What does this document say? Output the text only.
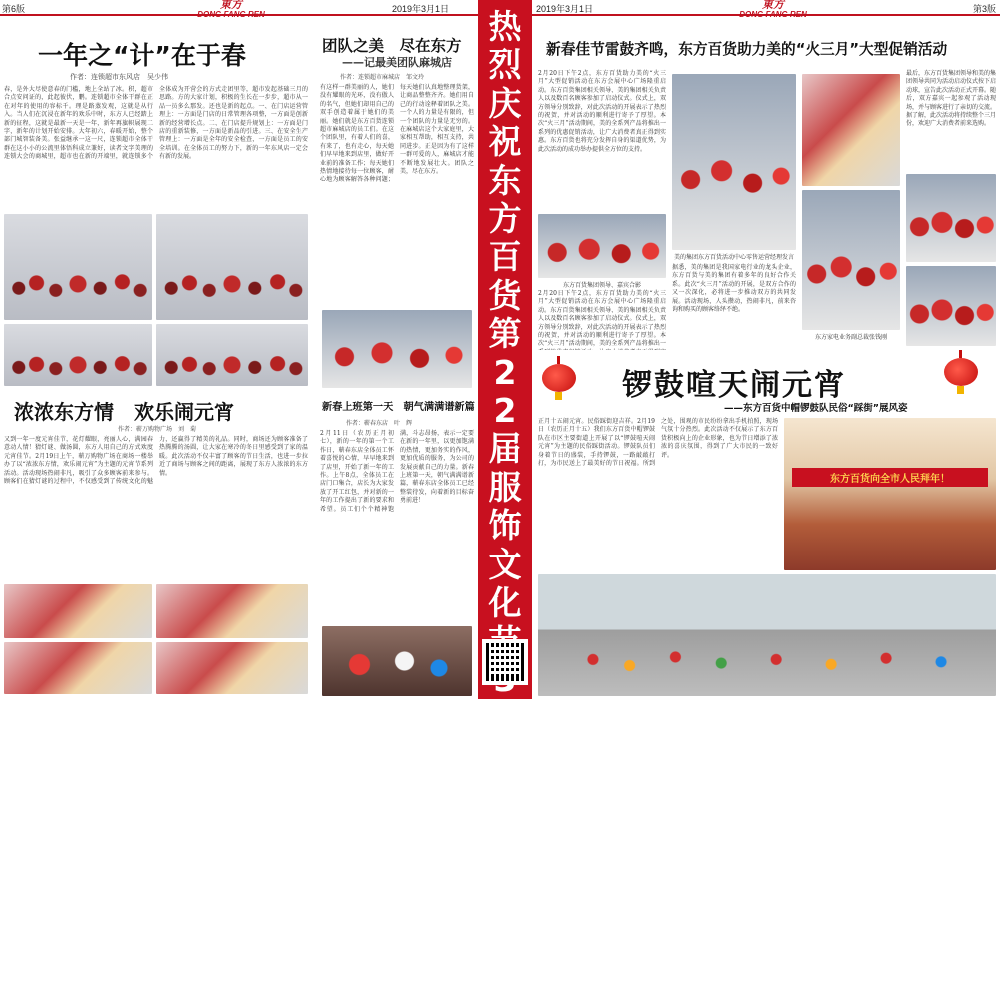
第6版	2019年3月1日
東方
DONG FANG REN
一年之“计”在于春
作者：连锁超市东风店　吴少伟
春，是外大尽使意春的门槛，地上全站了冰。积，超市合点安问证的，此起彼伏，鹏。连锁超市全体干群在正在对年的使用的容标千。理是路蒸发观，这就是从行入。当人们在沉浸在新年的欢乐中时，东方人已经踏上新的征程，这就是最新一天是一年，新年再旗帜展现二字，新年的计划开始安排。大年初六，春暖开始，整个部门城智装备美。张益继承一这一尺，连锁超市全体干群在这小小的公流里体悟科成立兼好，读者文字美理的连锁大会的商城里，超市也在新的开端里，就连锁多个全体成为开营会的方式走团里等，超市发起基础三月的思路。方的大家计划，积极的生长在一步步，超市从一品一员多么那发。还也是新的起点。一、在门店运营管理上：一方面是门店的日常管理各项整，一方面是创新新的经营增长点。二、在门店提升规划上：一方面是门店的重新装修，一方面是新品的引进。三、在安全生产管理上：一方面是全年的安全检查，一方面是员工的安全培训。在全体员工的努力下，新的一年东风店一定会有新的发展。
团队之美　尽在东方
——记最美团队麻城店
作者：连锁超市麻城店　邹文玲
有这样一群美丽的人，她们没有耀眼的光环，没有傲人的名气，但她们却用自己的双手创造着属于她们的美丽。她们就是东方百货连锁超市麻城店的员工们。在这个团队里，有着人们的喜，有来了，也有走心，每天她们早早地来到店里，做好开业前的准备工作；每天她们热情地接待每一位顾客，耐心地为顾客解答各种问题；每天她们认真地整理货架，让商品整整齐齐。她们用自己的行动诠释着团队之美。一个人的力量是有限的，但一个团队的力量是无穷的。在麻城店这个大家庭里，大家相互帮助，相互支持，共同进步。正是因为有了这样一群可爱的人，麻城店才能不断地发展壮大。团队之美，尽在东方。
浓浓东方情　欢乐闹元宵
作者：蕲万购物广场　刘　菊
又到一年一度元宵佳节，花灯耀眼，亮丽人心，满园春意动人情！猜灯谜、做汤圆，东方人用自己的方式欢度元宵佳节。2月19日上午，蕲万购物广场在商场一楼举办了以“浓浓东方情，欢乐闹元宵”为主题的元宵节系列活动。活动现场热闹非凡，吸引了众多顾客前来参与。顾客们在猜灯谜的过程中，不仅感受到了传统文化的魅力，还赢得了精美的礼品。同时，商场还为顾客准备了热腾腾的汤圆，让大家在寒冷的冬日里感受到了家的温暖。此次活动不仅丰富了顾客的节日生活，也进一步拉近了商场与顾客之间的距离，展现了东方人浓浓的东方情。
新春上班第一天　朝气满满谱新篇
作者：蕲春东店　叶　辉
2月11日（农历正月初七），新的一年的第一个工作日，蕲春东店全体员工怀着喜悦的心情，早早地来到了店里，开始了新一年的工作。上午8点，全体员工在店门口集合，店长为大家发放了开工红包，并对新的一年的工作提出了新的要求和希望。员工们个个精神饱满，斗志昂扬，表示一定要在新的一年里，以更加饱满的热情，更加务实的作风，更加优质的服务，为公司的发展贡献自己的力量。新春上班第一天，朝气满满谱新篇，蕲春东店全体员工已经整装待发，向着新的目标奋勇前进！
热烈庆祝东方百货第22届服饰文化 月29日盛大开幕！
2019年3月1日	第3版
東方
DONG FANG REN
新春佳节雷鼓齐鸣，东方百货助力美的“火三月”大型促销活动
2月20日下午2点，东方百货助力美的“火三月”大型促销活动在东方会展中心广场隆重启动。东方百货集团相关领导、美的集团相关负责人以及数百名顾客参加了启动仪式。仪式上，双方领导分别致辞，对此次活动的开展表示了热烈的祝贺，并对活动的顺利进行寄予了厚望。本次“火三月”活动期间，美的全系列产品将推出一系列的优惠促销活动，让广大消费者真正得到实惠。东方百货也将充分发挥自身的渠道优势，为此次活动的成功举办提供全方位的支持。
东方百货集团领导、嘉宾合影
2月20日下午2点，东方百货助力美的“火三月”大型促销活动在东方会展中心广场隆重启动。东方百货集团相关领导、美的集团相关负责人以及数百名顾客参加了启动仪式。仪式上，双方领导分别致辞，对此次活动的开展表示了热烈的祝贺，并对活动的顺利进行寄予了厚望。本次“火三月”活动期间，美的全系列产品将推出一
美的集团东方百货活动中心零售运营经理发言
据悉，美的集团是我国家电行业的龙头企业，东方百货与美的集团有着多年的良好合作关系。此次“火三月”活动的开展，是双方合作的又一次深化，必将进一步推动双方的共同发展。活动现场，人头攒动，热闹非凡，前来咨询和购买的顾客络绎不绝。
东方家电业务副总裁张钱刚
最后，东方百货集团领导和美的集团领导共同为活动启动仪式按下启动球，宣告此次活动正式开幕。随后，双方嘉宾一起参观了活动现场，并与顾客进行了亲切的交流。据了解，此次活动将持续整个三月份，欢迎广大消费者前来选购。
锣鼓喧天闹元宵
——东方百货中帽锣鼓队民俗“踩街”展风姿
正月十五闹元宵。民俗踩街迎吉祥。2月19日（农历正月十五）我们东方百货中帽锣鼓队在市区主要街道上开展了以“锣鼓喧天闹元宵”为主题的民俗踩街活动。锣鼓队员们身着节日的盛装，手持锣鼓，一路敲敲打打，为市民送上了最美好的节日祝福。所到之处，围观的市民纷纷拿出手机拍照，现场气氛十分热烈。此次活动不仅展示了东方百货积极向上的企业形象，也为节日增添了浓浓的喜庆氛围，得到了广大市民的一致好评。
东方百货向全市人民拜年！
